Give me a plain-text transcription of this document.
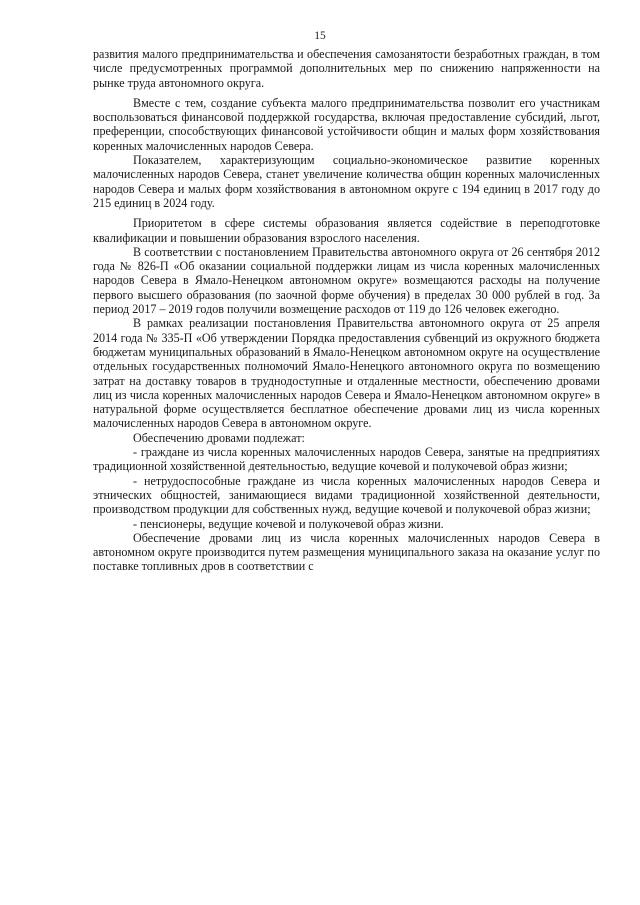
15

развития малого предпринимательства и обеспечения самозанятости безработных граждан, в том числе предусмотренных программой дополнительных мер по снижению напряженности на рынке труда автономного округа.

Вместе с тем, создание субъекта малого предпринимательства позволит его участникам воспользоваться финансовой поддержкой государства, включая предоставление субсидий, льгот, преференции, способствующих финансовой устойчивости общин и малых форм хозяйствования коренных малочисленных народов Севера.

Показателем, характеризующим социально-экономическое развитие коренных малочисленных народов Севера, станет увеличение количества общин коренных малочисленных народов Севера и малых форм хозяйствования в автономном округе с 194 единиц в 2017 году до 215 единиц в 2024 году.

Приоритетом в сфере системы образования является содействие в переподготовке квалификации и повышении образования взрослого населения.

В соответствии с постановлением Правительства автономного округа от 26 сентября 2012 года № 826-П «Об оказании социальной поддержки лицам из числа коренных малочисленных народов Севера в Ямало-Ненецком автономном округе» возмещаются расходы на получение первого высшего образования (по заочной форме обучения) в пределах 30 000 рублей в год. За период 2017 – 2019 годов получили возмещение расходов от 119 до 126 человек ежегодно.

В рамках реализации постановления Правительства автономного округа от 25 апреля 2014 года № 335-П «Об утверждении Порядка предоставления субвенций из окружного бюджета бюджетам муниципальных образований в Ямало-Ненецком автономном округе на осуществление отдельных государственных полномочий Ямало-Ненецкого автономного округа по возмещению затрат на доставку товаров в труднодоступные и отдаленные местности, обеспечению дровами лиц из числа коренных малочисленных народов Севера и Ямало-Ненецком автономном округе» в натуральной форме осуществляется бесплатное обеспечение дровами лиц из числа коренных малочисленных народов Севера в автономном округе.

Обеспечению дровами подлежат:

- граждане из числа коренных малочисленных народов Севера, занятые на предприятиях традиционной хозяйственной деятельностью, ведущие кочевой и полукочевой образ жизни;

- нетрудоспособные граждане из числа коренных малочисленных народов Севера и этнических общностей, занимающиеся видами традиционной хозяйственной деятельности, производством продукции для собственных нужд, ведущие кочевой и полукочевой образ жизни;

- пенсионеры, ведущие кочевой и полукочевой образ жизни.

Обеспечение дровами лиц из числа коренных малочисленных народов Севера в автономном округе производится путем размещения муниципального заказа на оказание услуг по поставке топливных дров в соответствии с
